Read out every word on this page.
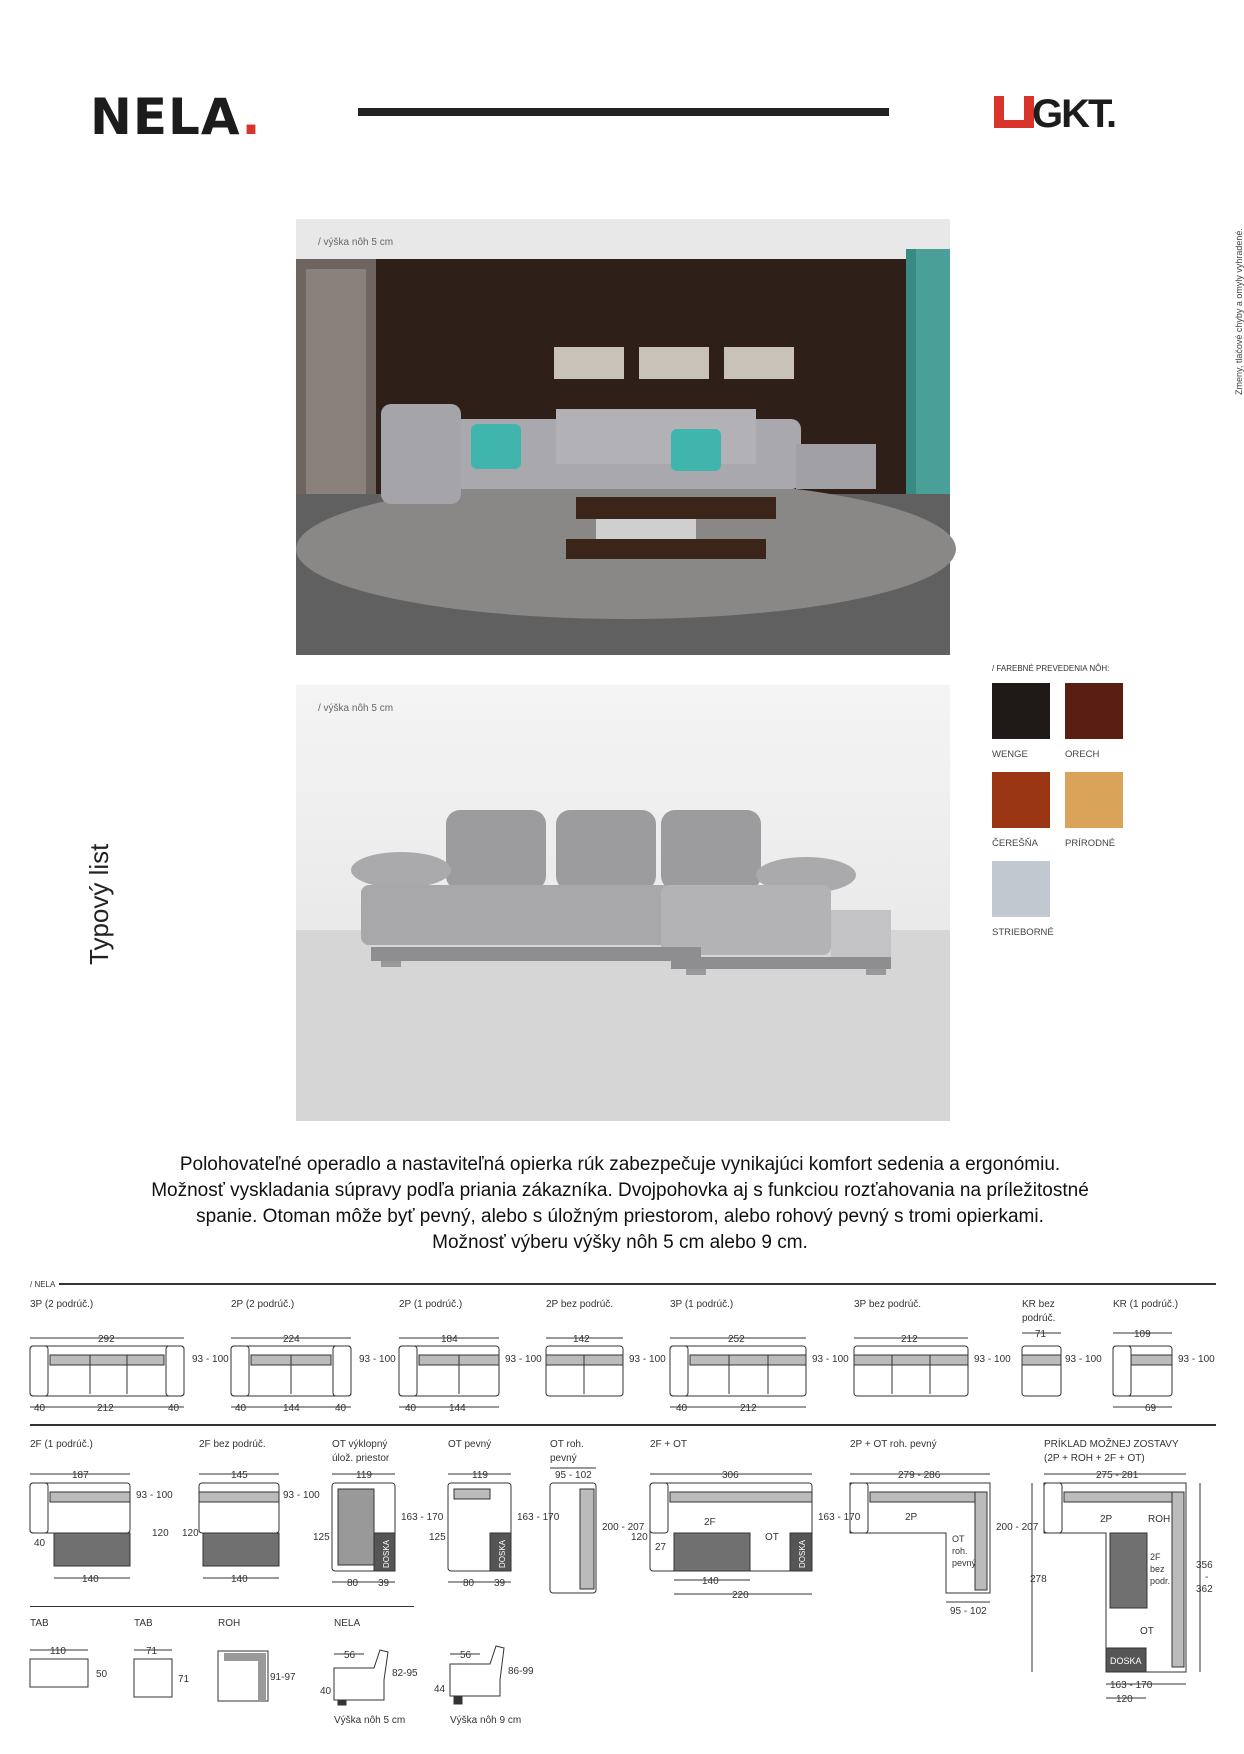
NELA.	GKT.
Zmeny, tlačové chyby a omyly vyhradené.
Typový list
/ výška nôh 5 cm
/ výška nôh 5 cm
/ FAREBNÉ PREVEDENIA NÔH:
WENGE	ORECH
ČEREŠŇA	PRÍRODNÉ
STRIEBORNÉ

Polohovateľné operadlo a nastaviteľná opierka rúk zabezpečuje vynikajúci komfort sedenia a ergonómiu.

Možnosť vyskladania súpravy podľa priania zákazníka. Dvojpohovka aj s funkciou rozťahovania na príležitostné

spanie. Otoman môže byť pevný, alebo s úložným priestorom, alebo rohový pevný s tromi opierkami.

Možnosť výberu výšky nôh 5 cm alebo 9 cm.

/ NELA
3P (2 podrúč.)
292
93 - 100
40	212	40
2P (2 podrúč.)
224
93 - 100
40	144	40
2P (1 podrúč.)
184
93 - 100
40	144
2P bez podrúč.
142
93 - 100
3P (1 podrúč.)
252
93 - 100
40	212
3P bez podrúč.
212
93 - 100
KR bez
podrúč.
71
93 - 100
KR (1 podrúč.)
109
93 - 100
69
2F (1 podrúč.)
187
40
93 - 100
120
140
2F bez podrúč.
145
120
93 - 100
140
OT výklopný
úlož. priestor
119
DOSKA
163 - 170
125
80 39
OT pevný
119
DOSKA
163 - 170
125
80 39
OT roh.
pevný
95 - 102
200 - 207
2F + OT
306
2F
OT
DOSKA
163 - 170
120
27
140
220
2P + OT roh. pevný
279 - 286
2P
OT
roh.
pevný
200 - 207
95 - 102
PRÍKLAD MOŽNEJ ZOSTAVY
(2P + ROH + 2F + OT)
275 - 281
2P	ROH
2F
bez
podr.
OT
DOSKA
356
-
362
278
163 - 170
120
TAB
110
50
TAB
71
71
ROH
91-97
NELA
56
82-95
40
Výška nôh 5 cm
56
86-99
44
Výška nôh 9 cm
